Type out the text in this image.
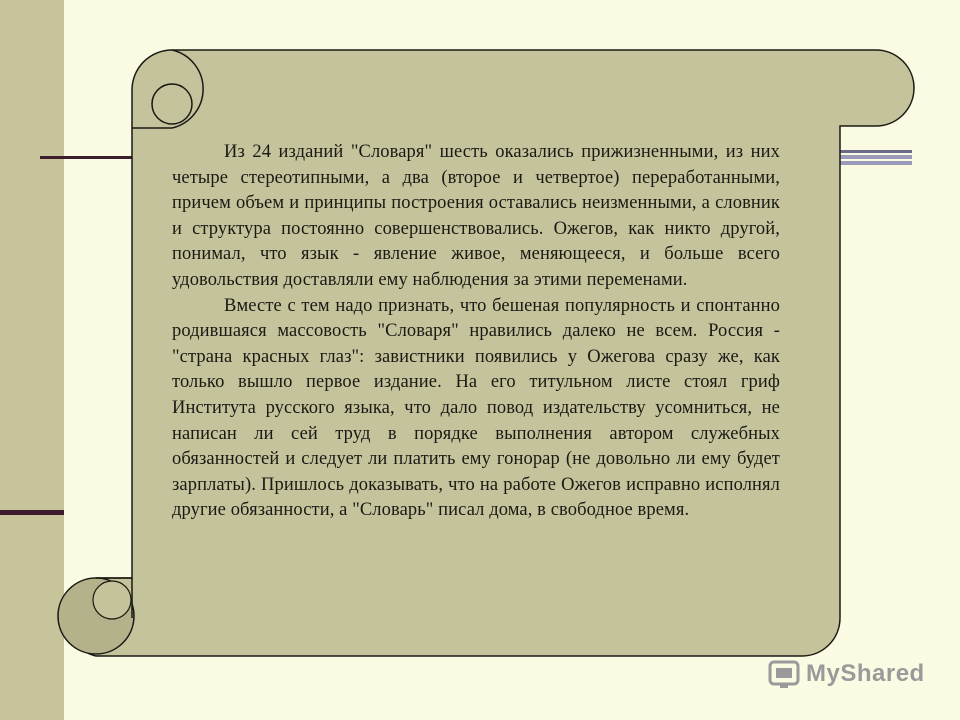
Из 24 изданий "Словаря" шесть оказались прижизненными, из них четыре стереотипными, а два (второе и четвертое) переработанными, причем объем и принципы построения оставались неизменными, а словник и структура постоянно совершенствовались. Ожегов, как никто другой, понимал, что язык - явление живое, меняющееся, и больше всего удовольствия доставляли ему наблюдения за этими переменами.

Вместе с тем надо признать, что бешеная популярность и спонтанно родившаяся массовость "Словаря" нравились далеко не всем. Россия - "страна красных глаз": завистники появились у Ожегова сразу же, как только вышло первое издание. На его титульном листе стоял гриф Института русского языка, что дало повод издательству усомниться, не написан ли сей труд в порядке выполнения автором служебных обязанностей и следует ли платить ему гонорар (не довольно ли ему будет зарплаты). Пришлось доказывать, что на работе Ожегов исправно исполнял другие обязанности, а "Словарь" писал дома, в свободное время.

MyShared
